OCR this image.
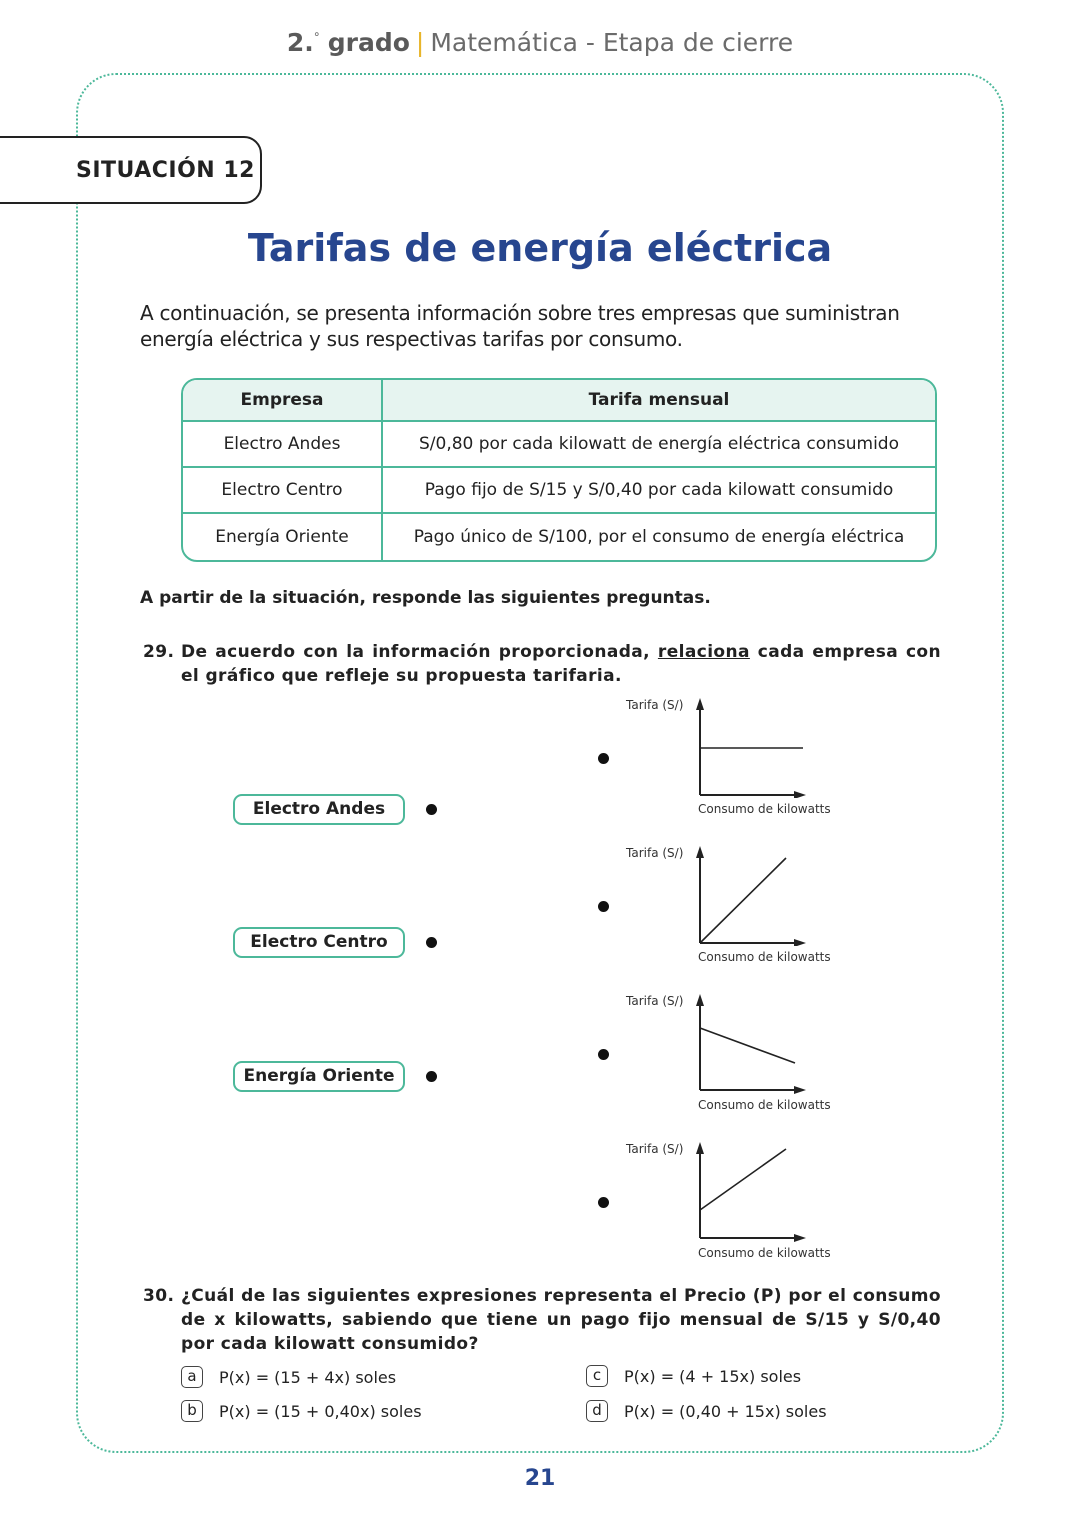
2.° grado | Matemática - Etapa de cierre
SITUACIÓN 12
Tarifas de energía eléctrica
A continuación, se presenta información sobre tres empresas que suministran energía eléctrica y sus respectivas tarifas por consumo.
Empresa	Tarifa mensual
Electro Andes	S/0,80 por cada kilowatt de energía eléctrica consumido
Electro Centro	Pago fijo de S/15 y S/0,40 por cada kilowatt consumido
Energía Oriente	Pago único de S/100, por el consumo de energía eléctrica
A partir de la situación, responde las siguientes preguntas.
29. De acuerdo con la información proporcionada, relaciona cada empresa con el gráfico que refleje su propuesta tarifaria.
Electro Andes
Electro Centro
Energía Oriente
Tarifa (S/)
Consumo de kilowatts
Tarifa (S/)
Consumo de kilowatts
Tarifa (S/)
Consumo de kilowatts
Tarifa (S/)
Consumo de kilowatts
30. ¿Cuál de las siguientes expresiones representa el Precio (P) por el consumo de x kilowatts, sabiendo que tiene un pago fijo mensual de S/15 y S/0,40 por cada kilowatt consumido?
a	P(x) = (15 + 4x) soles
b	P(x) = (15 + 0,40x) soles
c	P(x) = (4 + 15x) soles
d	P(x) = (0,40 + 15x) soles
21
